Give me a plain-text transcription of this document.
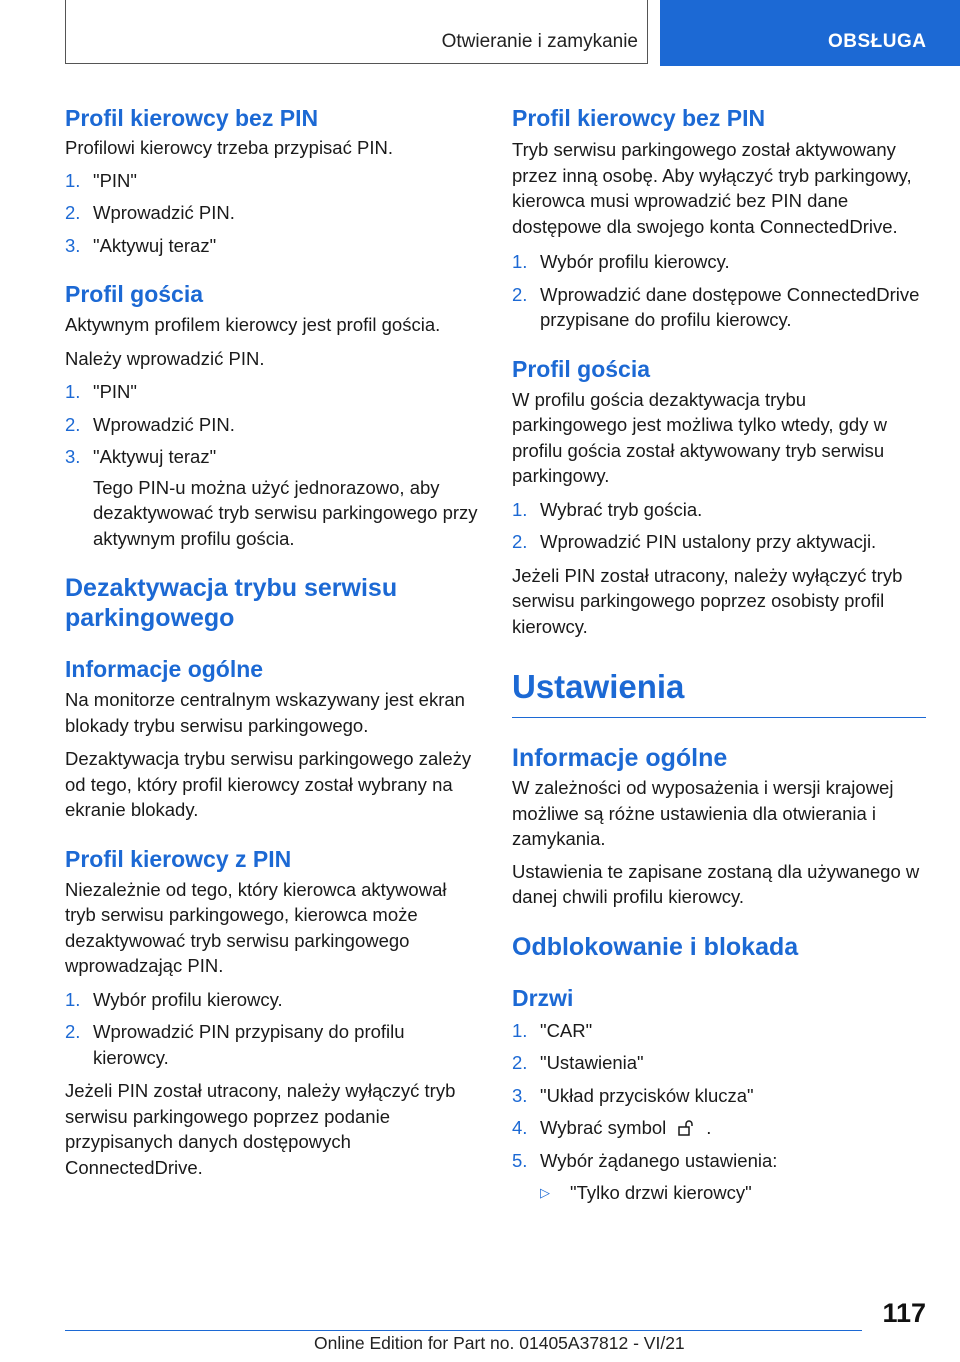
Otwieranie i zamykanie	OBSŁUGA
Profil kierowcy bez PIN

Profilowi kierowcy trzeba przypisać PIN.

1. "PIN"
2. Wprowadzić PIN.
3. "Aktywuj teraz"
Profil gościa

Aktywnym profilem kierowcy jest profil gościa.

Należy wprowadzić PIN.

1. "PIN"
2. Wprowadzić PIN.
3. "Aktywuj teraz"
Tego PIN-u można użyć jednorazowo, aby dezaktywować tryb serwisu parkingowego przy aktywnym profilu gościa.
Dezaktywacja trybu serwisu parkingowego
Informacje ogólne

Na monitorze centralnym wskazywany jest ekran blokady trybu serwisu parkingowego.

Dezaktywacja trybu serwisu parkingowego zależy od tego, który profil kierowcy został wybrany na ekranie blokady.

Profil kierowcy z PIN

Niezależnie od tego, który kierowca aktywował tryb serwisu parkingowego, kierowca może dezaktywować tryb serwisu parkingowego wprowadzając PIN.

1. Wybór profilu kierowcy.
2. Wprowadzić PIN przypisany do profilu kierowcy.

Jeżeli PIN został utracony, należy wyłączyć tryb serwisu parkingowego poprzez podanie przypisanych danych dostępowych ConnectedDrive.

Profil kierowcy bez PIN

Tryb serwisu parkingowego został aktywowany przez inną osobę. Aby wyłączyć tryb parkingowy, kierowca musi wprowadzić bez PIN dane dostępowe dla swojego konta ConnectedDrive.

1. Wybór profilu kierowcy.
2. Wprowadzić dane dostępowe ConnectedDrive przypisane do profilu kierowcy.
Profil gościa

W profilu gościa dezaktywacja trybu parkingowego jest możliwa tylko wtedy, gdy w profilu gościa został aktywowany tryb serwisu parkingowy.

1. Wybrać tryb gościa.
2. Wprowadzić PIN ustalony przy aktywacji.

Jeżeli PIN został utracony, należy wyłączyć tryb serwisu parkingowego poprzez osobisty profil kierowcy.

Ustawienia
Informacje ogólne

W zależności od wyposażenia i wersji krajowej możliwe są różne ustawienia dla otwierania i zamykania.

Ustawienia te zapisane zostaną dla używanego w danej chwili profilu kierowcy.

Odblokowanie i blokada
Drzwi
1. "CAR"
2. "Ustawienia"
3. "Układ przycisków klucza"
4. Wybrać symbol .
5. Wybór żądanego ustawienia:
▷ "Tylko drzwi kierowcy"
117
Online Edition for Part no. 01405A37812 - VI/21
